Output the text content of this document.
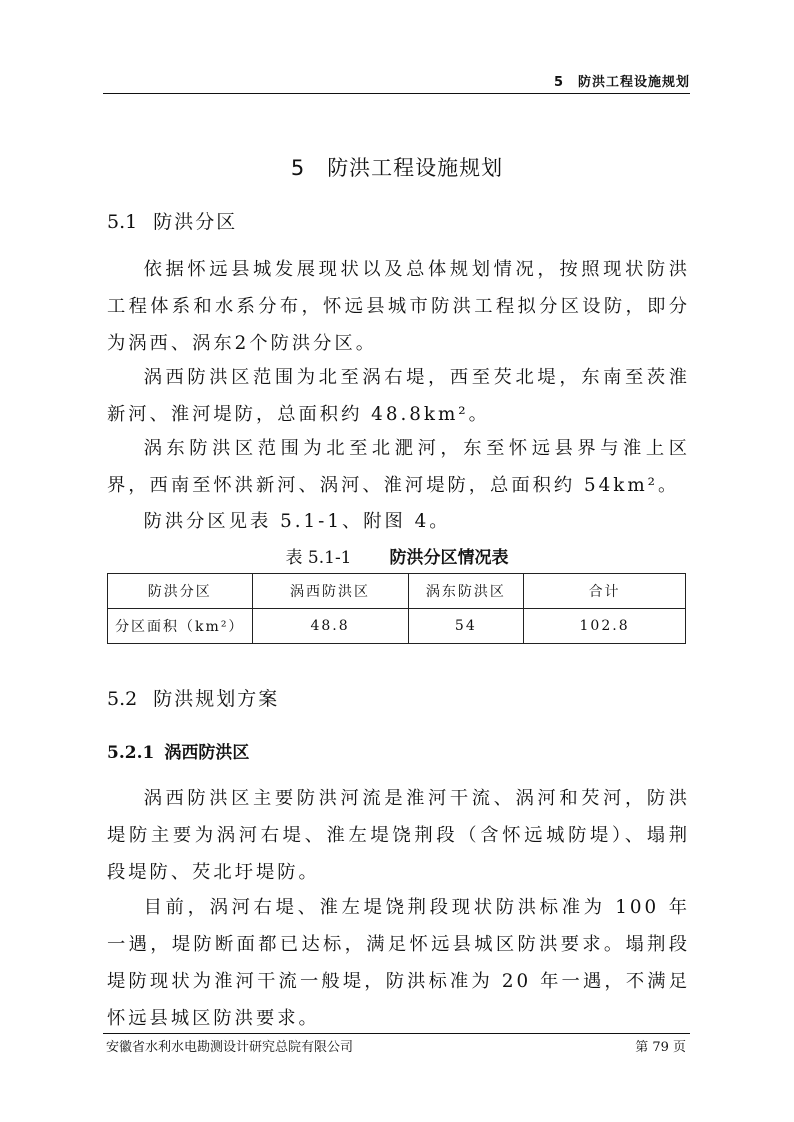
5　防洪工程设施规划
5 防洪工程设施规划
5.1 防洪分区

依据怀远县城发展现状以及总体规划情况，按照现状防洪工程体系和水系分布，怀远县城市防洪工程拟分区设防，即分为涡西、涡东2个防洪分区。

涡西防洪区范围为北至涡右堤，西至芡北堤，东南至茨淮新河、淮河堤防，总面积约 48.8km²。

涡东防洪区范围为北至北淝河，东至怀远县界与淮上区界，西南至怀洪新河、涡河、淮河堤防，总面积约 54km²。

防洪分区见表 5.1-1、附图 4。

表 5.1-1 防洪分区情况表
防洪分区	涡西防洪区	涡东防洪区	合计
分区面积（km²）	48.8	54	102.8
5.2 防洪规划方案
5.2.1 涡西防洪区

涡西防洪区主要防洪河流是淮河干流、涡河和芡河，防洪堤防主要为涡河右堤、淮左堤饶荆段（含怀远城防堤）、塌荆段堤防、芡北圩堤防。

目前，涡河右堤、淮左堤饶荆段现状防洪标准为 100 年一遇，堤防断面都已达标，满足怀远县城区防洪要求。塌荆段堤防现状为淮河干流一般堤，防洪标准为 20 年一遇，不满足怀远县城区防洪要求。

安徽省水利水电勘测设计研究总院有限公司	第 79 页
